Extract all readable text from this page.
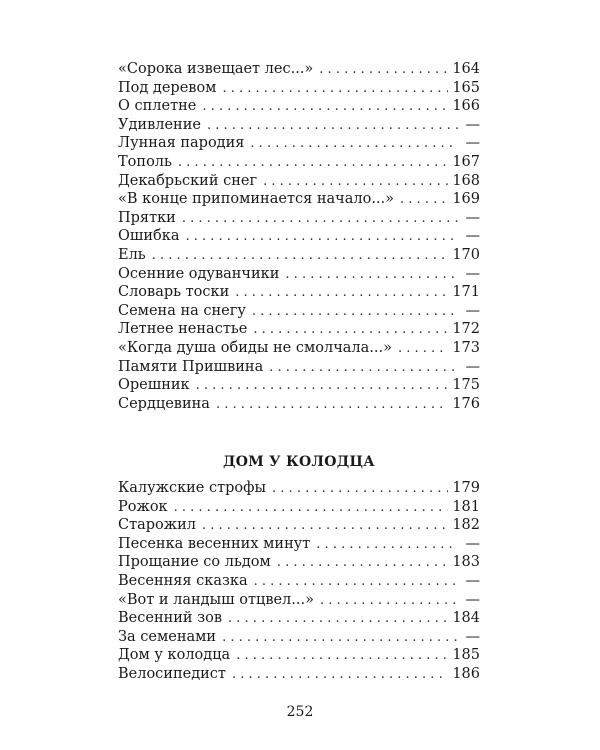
«Сорока извещает лес...» . . .	164
Под деревом . . .	165
О сплетне . . .	166
Удивление . . .	—
Лунная пародия . . .	—
Тополь . . .	167
Декабрьский снег . . .	168
«В конце припоминается начало...» . . .	169
Прятки . . .	—
Ошибка . . .	—
Ель . . .	170
Осенние одуванчики . . .	—
Словарь тоски . . .	171
Семена на снегу . . .	—
Летнее ненастье . . .	172
«Когда душа обиды не смолчала...» . . .	173
Памяти Пришвина . . .	—
Орешник . . .	175
Сердцевина . . .	176
ДОМ У КОЛОДЦА
Калужские строфы . . .	179
Рожок . . .	181
Старожил . . .	182
Песенка весенних минут . . .	—
Прощание со льдом . . .	183
Весенняя сказка . . .	—
«Вот и ландыш отцвел...» . . .	—
Весенний зов . . .	184
За семенами . . .	—
Дом у колодца . . .	185
Велосипедист . . .	186
252
